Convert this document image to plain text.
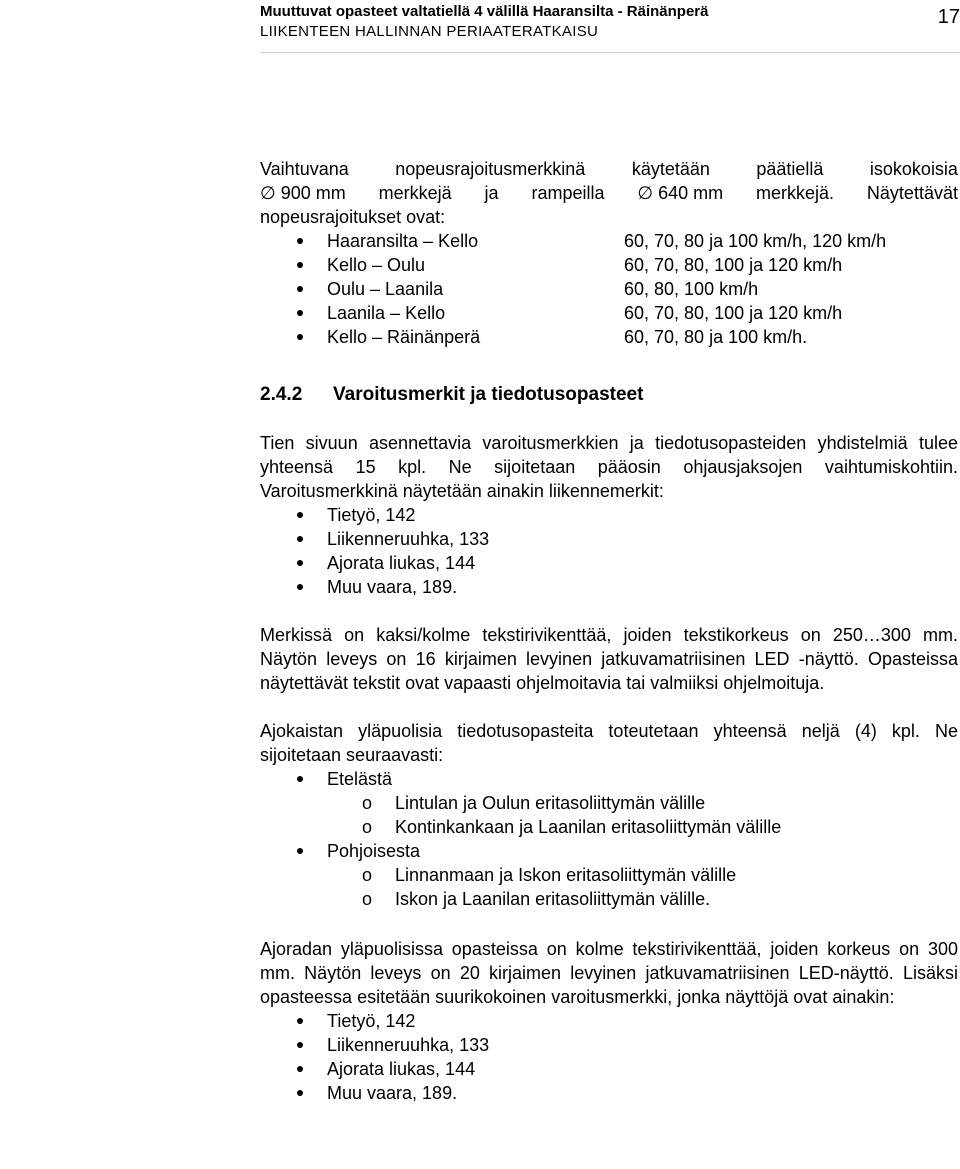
Muuttuvat opasteet valtatiellä 4 välillä Haaransilta - Räinänperä
LIIKENTEEN HALLINNAN PERIAATERATKAISU
17
Vaihtuvana	nopeusrajoitusmerkkinä	käytetään	päätiellä	isokokoisia
∅ 900 mm merkkejä ja rampeilla ∅ 640 mm merkkejä. Näytettävät
nopeusrajoitukset ovat:
Haaransilta – Kello	60, 70, 80 ja 100 km/h, 120 km/h
Kello – Oulu	60, 70, 80, 100 ja 120 km/h
Oulu – Laanila	60, 80, 100 km/h
Laanila – Kello	60, 70, 80, 100 ja 120 km/h
Kello – Räinänperä	60, 70, 80 ja 100 km/h.
2.4.2	Varoitusmerkit ja tiedotusopasteet

Tien sivuun asennettavia varoitusmerkkien ja tiedotusopasteiden yhdistelmiä tulee yhteensä 15 kpl. Ne sijoitetaan pääosin ohjausjaksojen vaihtumiskohtiin. Varoitusmerkkinä näytetään ainakin liikennemerkit:

Tietyö, 142
Liikenneruuhka, 133
Ajorata liukas, 144
Muu vaara, 189.

Merkissä on kaksi/kolme tekstirivikenttää, joiden tekstikorkeus on 250…300 mm. Näytön leveys on 16 kirjaimen levyinen jatkuvamatriisinen LED -näyttö. Opasteissa näytettävät tekstit ovat vapaasti ohjelmoitavia tai valmiiksi ohjelmoituja.

Ajokaistan yläpuolisia tiedotusopasteita toteutetaan yhteensä neljä (4) kpl. Ne sijoitetaan seuraavasti:

Etelästä
o Lintulan ja Oulun eritasoliittymän välille
o Kontinkankaan ja Laanilan eritasoliittymän välille
Pohjoisesta
o Linnanmaan ja Iskon eritasoliittymän välille
o Iskon ja Laanilan eritasoliittymän välille.

Ajoradan yläpuolisissa opasteissa on kolme tekstirivikenttää, joiden korkeus on 300 mm. Näytön leveys on 20 kirjaimen levyinen jatkuvamatriisinen LED-näyttö. Lisäksi opasteessa esitetään suurikokoinen varoitusmerkki, jonka näyttöjä ovat ainakin:

Tietyö, 142
Liikenneruuhka, 133
Ajorata liukas, 144
Muu vaara, 189.
